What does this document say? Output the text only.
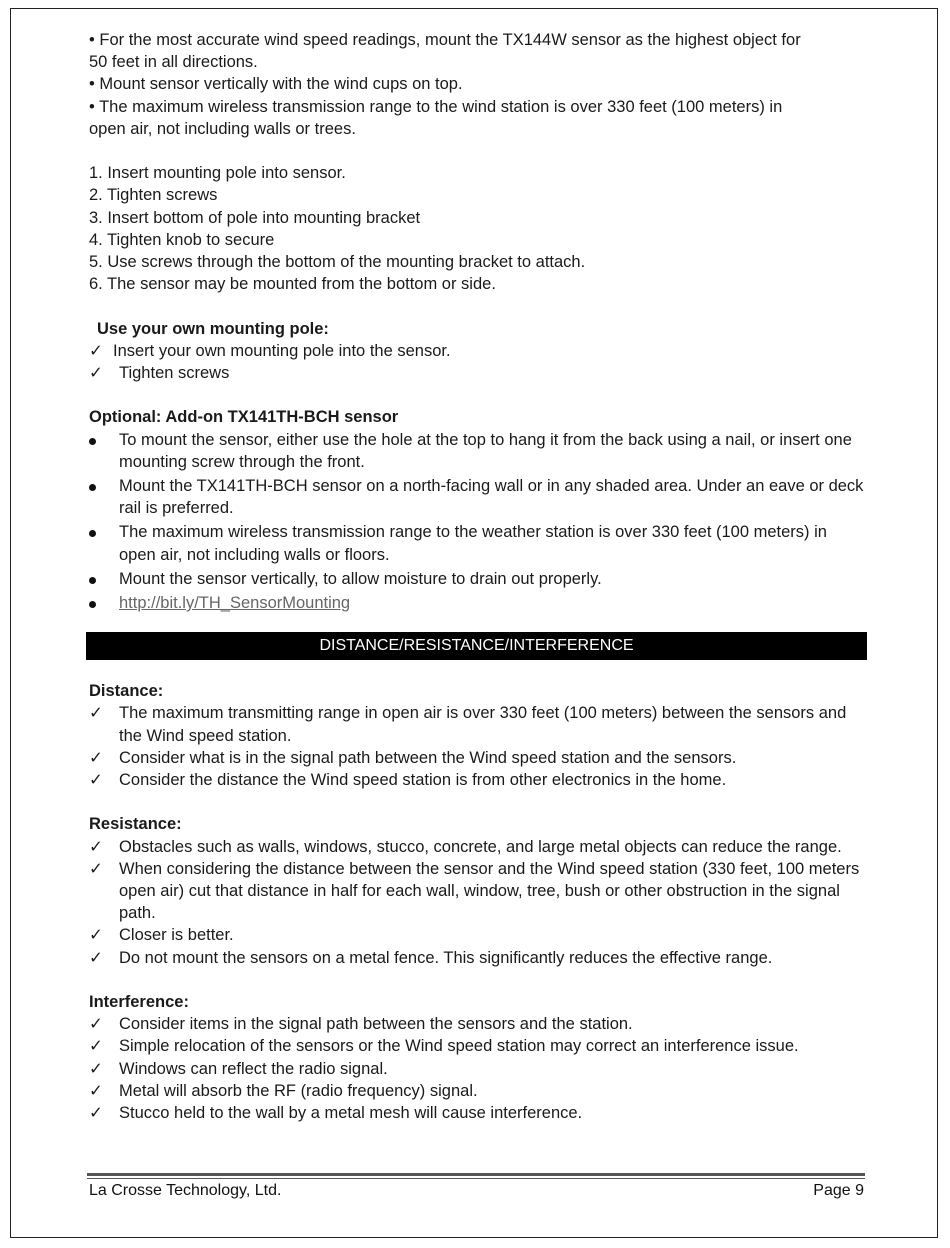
• For the most accurate wind speed readings, mount the TX144W sensor as the highest object for

50 feet in all directions.

• Mount sensor vertically with the wind cups on top.

• The maximum wireless transmission range to the wind station is over 330 feet (100 meters) in

open air, not including walls or trees.

1. Insert mounting pole into sensor.

2. Tighten screws

3. Insert bottom of pole into mounting bracket

4. Tighten knob to secure

5. Use screws through the bottom of the mounting bracket to attach.

6. The sensor may be mounted from the bottom or side.

Use your own mounting pole:

✓ Insert your own mounting pole into the sensor.
✓ Tighten screws

Optional: Add-on TX141TH-BCH sensor

To mount the sensor, either use the hole at the top to hang it from the back using a nail, or insert one mounting screw through the front.
Mount the TX141TH-BCH sensor on a north-facing wall or in any shaded area. Under an eave or deck rail is preferred.
The maximum wireless transmission range to the weather station is over 330 feet (100 meters) in open air, not including walls or floors.
Mount the sensor vertically, to allow moisture to drain out properly.
http://bit.ly/TH_SensorMounting
DISTANCE/RESISTANCE/INTERFERENCE

Distance:

✓ The maximum transmitting range in open air is over 330 feet (100 meters) between the sensors and the Wind speed station.
✓ Consider what is in the signal path between the Wind speed station and the sensors.
✓ Consider the distance the Wind speed station is from other electronics in the home.

Resistance:

✓ Obstacles such as walls, windows, stucco, concrete, and large metal objects can reduce the range.
✓ When considering the distance between the sensor and the Wind speed station (330 feet, 100 meters open air) cut that distance in half for each wall, window, tree, bush or other obstruction in the signal path.
✓ Closer is better.
✓ Do not mount the sensors on a metal fence. This significantly reduces the effective range.

Interference:

✓ Consider items in the signal path between the sensors and the station.
✓ Simple relocation of the sensors or the Wind speed station may correct an interference issue.
✓ Windows can reflect the radio signal.
✓ Metal will absorb the RF (radio frequency) signal.
✓ Stucco held to the wall by a metal mesh will cause interference.
La Crosse Technology, Ltd.	Page 9
